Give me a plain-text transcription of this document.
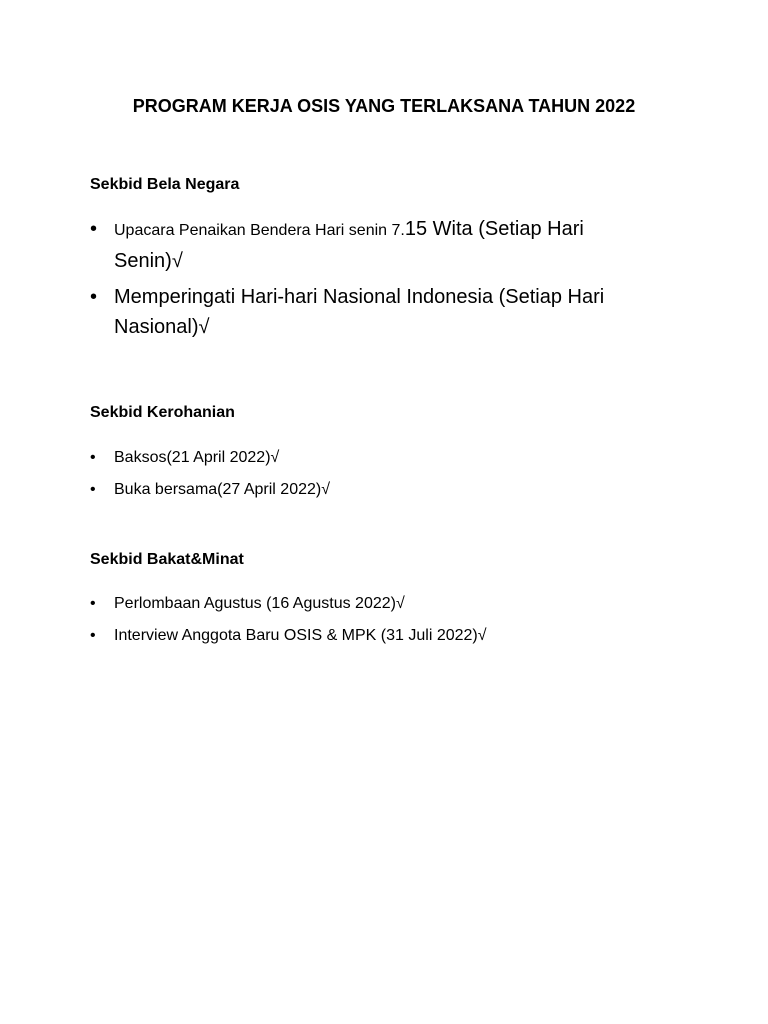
PROGRAM KERJA OSIS YANG TERLAKSANA TAHUN 2022
Sekbid Bela Negara
• Upacara Penaikan Bendera Hari senin 7.15 Wita (Setiap Hari Senin)√
• Memperingati Hari-hari Nasional Indonesia (Setiap Hari Nasional)√
Sekbid Kerohanian
• Baksos(21 April 2022)√
• Buka bersama(27 April 2022)√
Sekbid Bakat&Minat
• Perlombaan Agustus (16 Agustus 2022)√
• Interview Anggota Baru OSIS & MPK (31 Juli 2022)√
